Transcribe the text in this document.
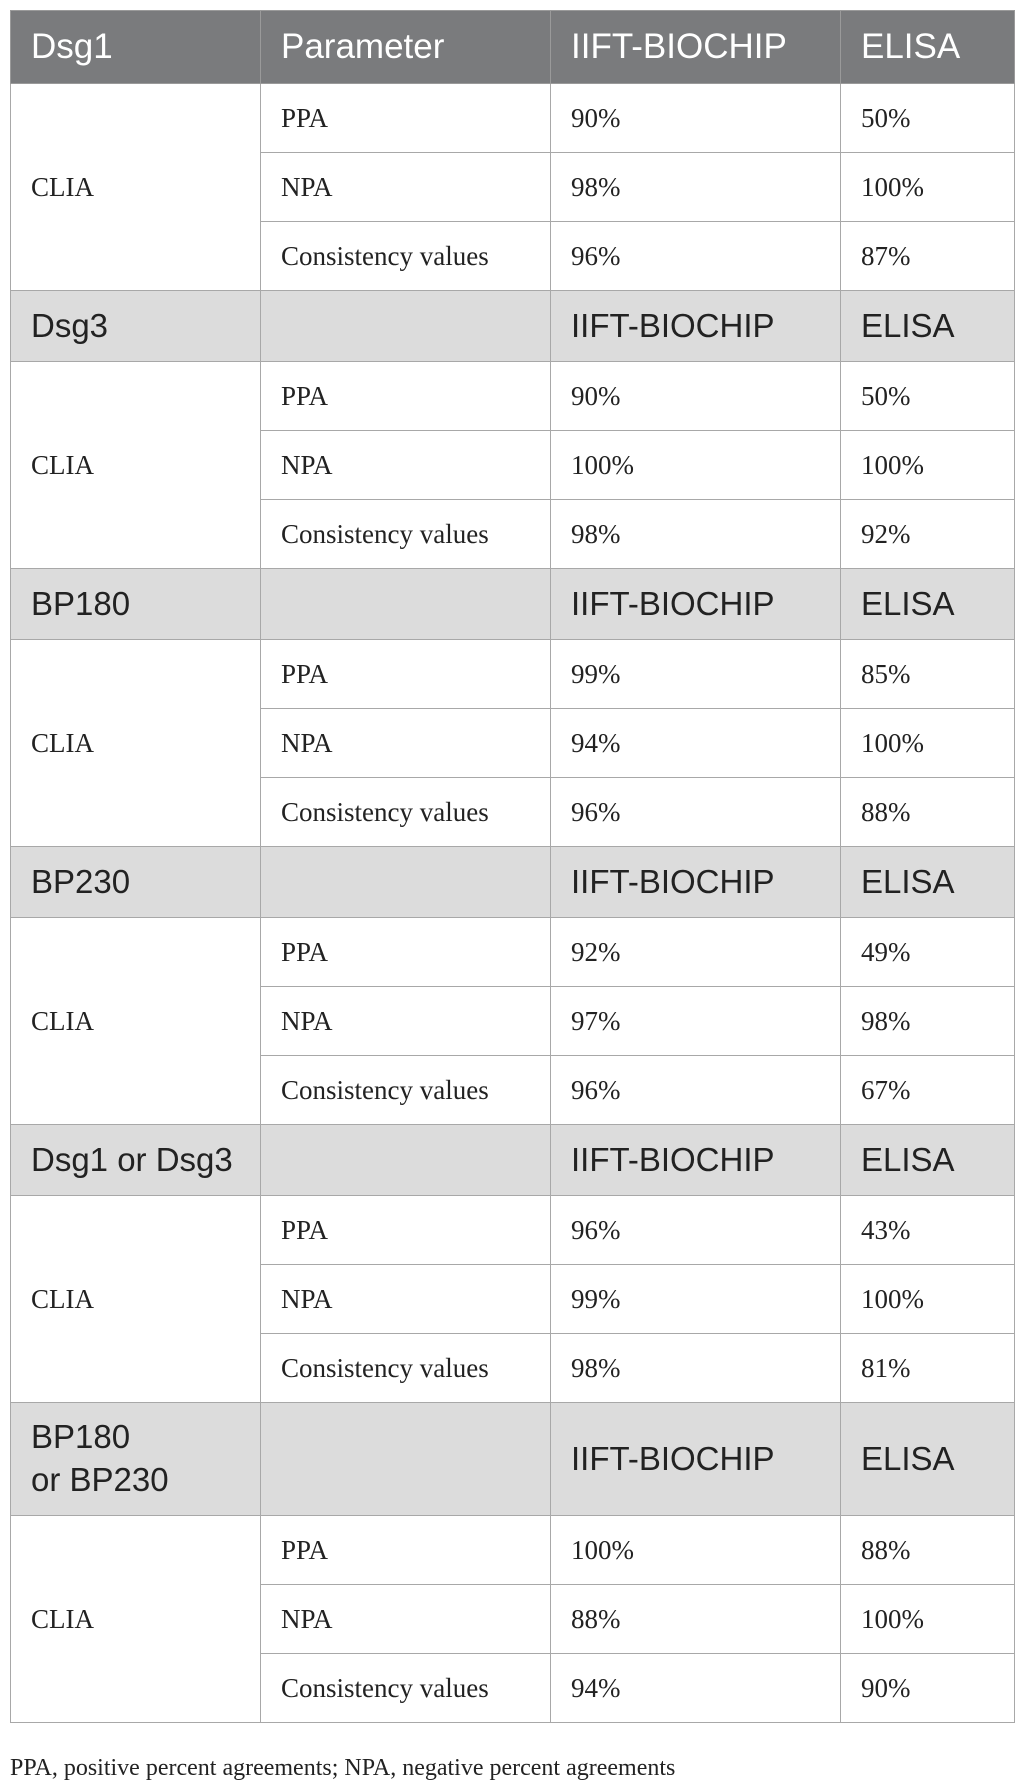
Dsg1	Parameter	IIFT-BIOCHIP	ELISA
CLIA	PPA	90%	50%
	NPA	98%	100%
	Consistency values	96%	87%
Dsg3		IIFT-BIOCHIP	ELISA
CLIA	PPA	90%	50%
	NPA	100%	100%
	Consistency values	98%	92%
BP180		IIFT-BIOCHIP	ELISA
CLIA	PPA	99%	85%
	NPA	94%	100%
	Consistency values	96%	88%
BP230		IIFT-BIOCHIP	ELISA
CLIA	PPA	92%	49%
	NPA	97%	98%
	Consistency values	96%	67%
Dsg1 or Dsg3		IIFT-BIOCHIP	ELISA
CLIA	PPA	96%	43%
	NPA	99%	100%
	Consistency values	98%	81%
BP180
or BP230		IIFT-BIOCHIP	ELISA
CLIA	PPA	100%	88%
	NPA	88%	100%
	Consistency values	94%	90%
PPA, positive percent agreements; NPA, negative percent agreements
